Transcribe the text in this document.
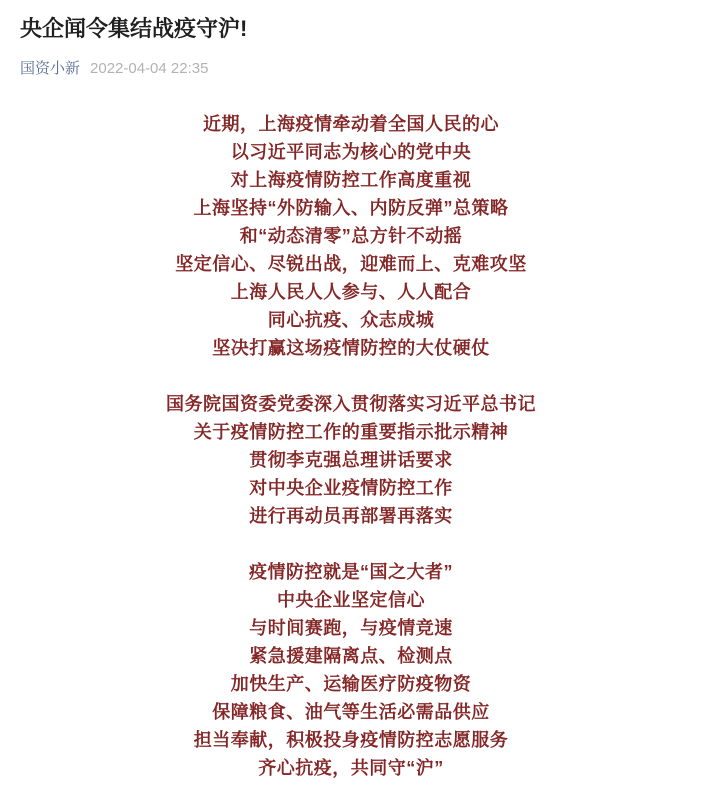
央企闻令集结战疫守沪!
国资小新 2022-04-04 22:35

近期，上海疫情牵动着全国人民的心

以习近平同志为核心的党中央

对上海疫情防控工作高度重视

上海坚持“外防输入、内防反弹”总策略

和“动态清零”总方针不动摇

坚定信心、尽锐出战，迎难而上、克难攻坚

上海人民人人参与、人人配合

同心抗疫、众志成城

坚决打赢这场疫情防控的大仗硬仗

国务院国资委党委深入贯彻落实习近平总书记

关于疫情防控工作的重要指示批示精神

贯彻李克强总理讲话要求

对中央企业疫情防控工作

进行再动员再部署再落实

疫情防控就是“国之大者”

中央企业坚定信心

与时间赛跑，与疫情竞速

紧急援建隔离点、检测点

加快生产、运输医疗防疫物资

保障粮食、油气等生活必需品供应

担当奉献，积极投身疫情防控志愿服务

齐心抗疫，共同守“沪”
